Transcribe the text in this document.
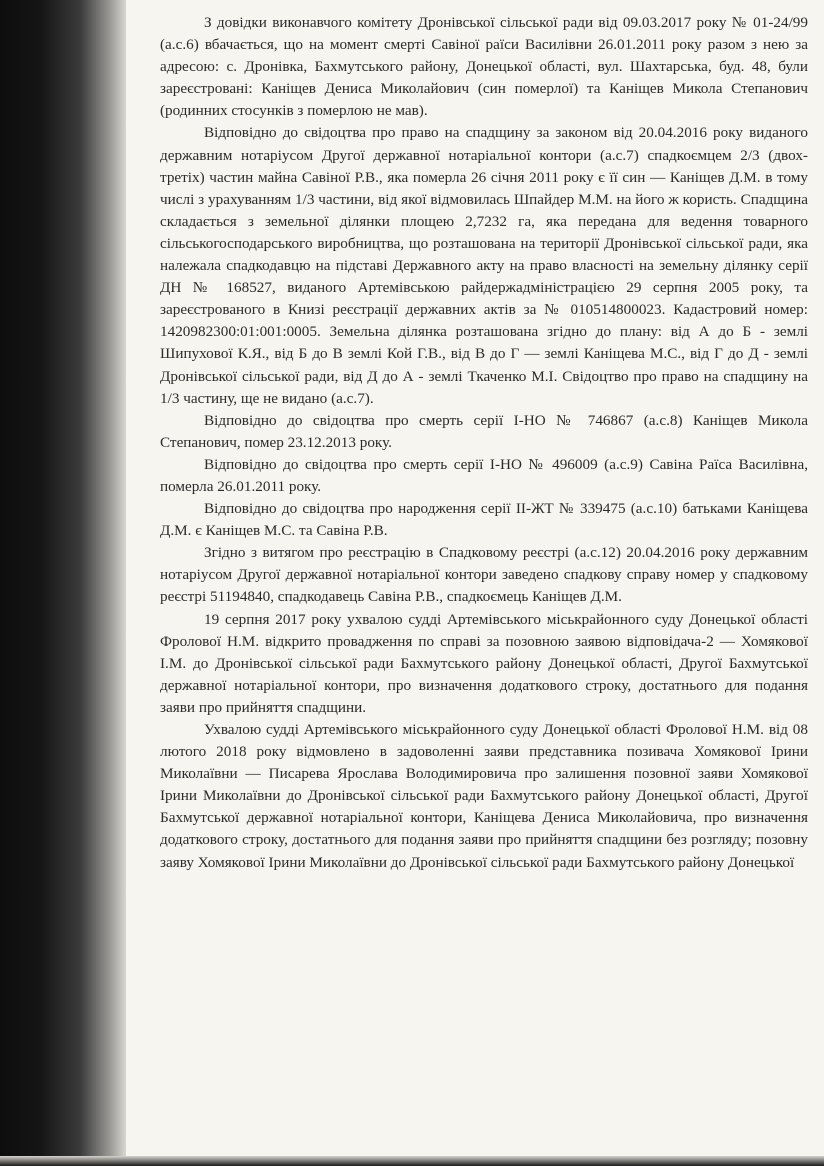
З довідки виконавчого комітету Дронівської сільської ради від 09.03.2017 року № 01-24/99 (а.с.6) вбачається, що на момент смерті Савіної раїси Василівни 26.01.2011 року разом з нею за адресою: с. Дронівка, Бахмутського району, Донецької області, вул. Шахтарська, буд. 48, були зареєстровані: Каніщев Дениса Миколайович (син померлої) та Каніщев Микола Степанович (родинних стосунків з померлою не мав).

Відповідно до свідоцтва про право на спадщину за законом від 20.04.2016 року виданого державним нотаріусом Другої державної нотаріальної контори (а.с.7) спадкоємцем 2/3 (двох-третіх) частин майна Савіної Р.В., яка померла 26 січня 2011 року є її син — Каніщев Д.М. в тому числі з урахуванням 1/3 частини, від якої відмовилась Шпайдер М.М. на його ж користь. Спадщина складається з земельної ділянки площею 2,7232 га, яка передана для ведення товарного сільськогосподарського виробництва, що розташована на території Дронівської сільської ради, яка належала спадкодавцю на підставі Державного акту на право власності на земельну ділянку серії ДН № 168527, виданого Артемівською райдержадміністрацією 29 серпня 2005 року, та зареєстрованого в Книзі реєстрації державних актів за № 010514800023. Кадастровий номер: 1420982300:01:001:0005. Земельна ділянка розташована згідно до плану: від А до Б - землі Шипухової К.Я., від Б до В землі Кой Г.В., від В до Г — землі Каніщева М.С., від Г до Д - землі Дронівської сільської ради, від Д до А - землі Ткаченко М.І. Свідоцтво про право на спадщину на 1/3 частину, ще не видано (а.с.7).

Відповідно до свідоцтва про смерть серії І-НО № 746867 (а.с.8) Каніщев Микола Степанович, помер 23.12.2013 року.

Відповідно до свідоцтва про смерть серії І-НО № 496009 (а.с.9) Савіна Раїса Василівна, померла 26.01.2011 року.

Відповідно до свідоцтва про народження серії ІІ-ЖТ № 339475 (а.с.10) батьками Каніщева Д.М. є Каніщев М.С. та Савіна Р.В.

Згідно з витягом про реєстрацію в Спадковому реєстрі (а.с.12) 20.04.2016 року державним нотаріусом Другої державної нотаріальної контори заведено спадкову справу номер у спадковому реєстрі 51194840, спадкодавець Савіна Р.В., спадкоємець Каніщев Д.М.

19 серпня 2017 року ухвалою судді Артемівського міськрайонного суду Донецької області Фролової Н.М. відкрито провадження по справі за позовною заявою відповідача-2 — Хомякової І.М. до Дронівської сільської ради Бахмутського району Донецької області, Другої Бахмутської державної нотаріальної контори, про визначення додаткового строку, достатнього для подання заяви про прийняття спадщини.

Ухвалою судді Артемівського міськрайонного суду Донецької області Фролової Н.М. від 08 лютого 2018 року відмовлено в задоволенні заяви представника позивача Хомякової Ірини Миколаївни — Писарева Ярослава Володимировича про залишення позовної заяви Хомякової Ірини Миколаївни до Дронівської сільської ради Бахмутського району Донецької області, Другої Бахмутської державної нотаріальної контори, Каніщева Дениса Миколайовича, про визначення додаткового строку, достатнього для подання заяви про прийняття спадщини без розгляду; позовну заяву Хомякової Ірини Миколаївни до Дронівської сільської ради Бахмутського району Донецької
